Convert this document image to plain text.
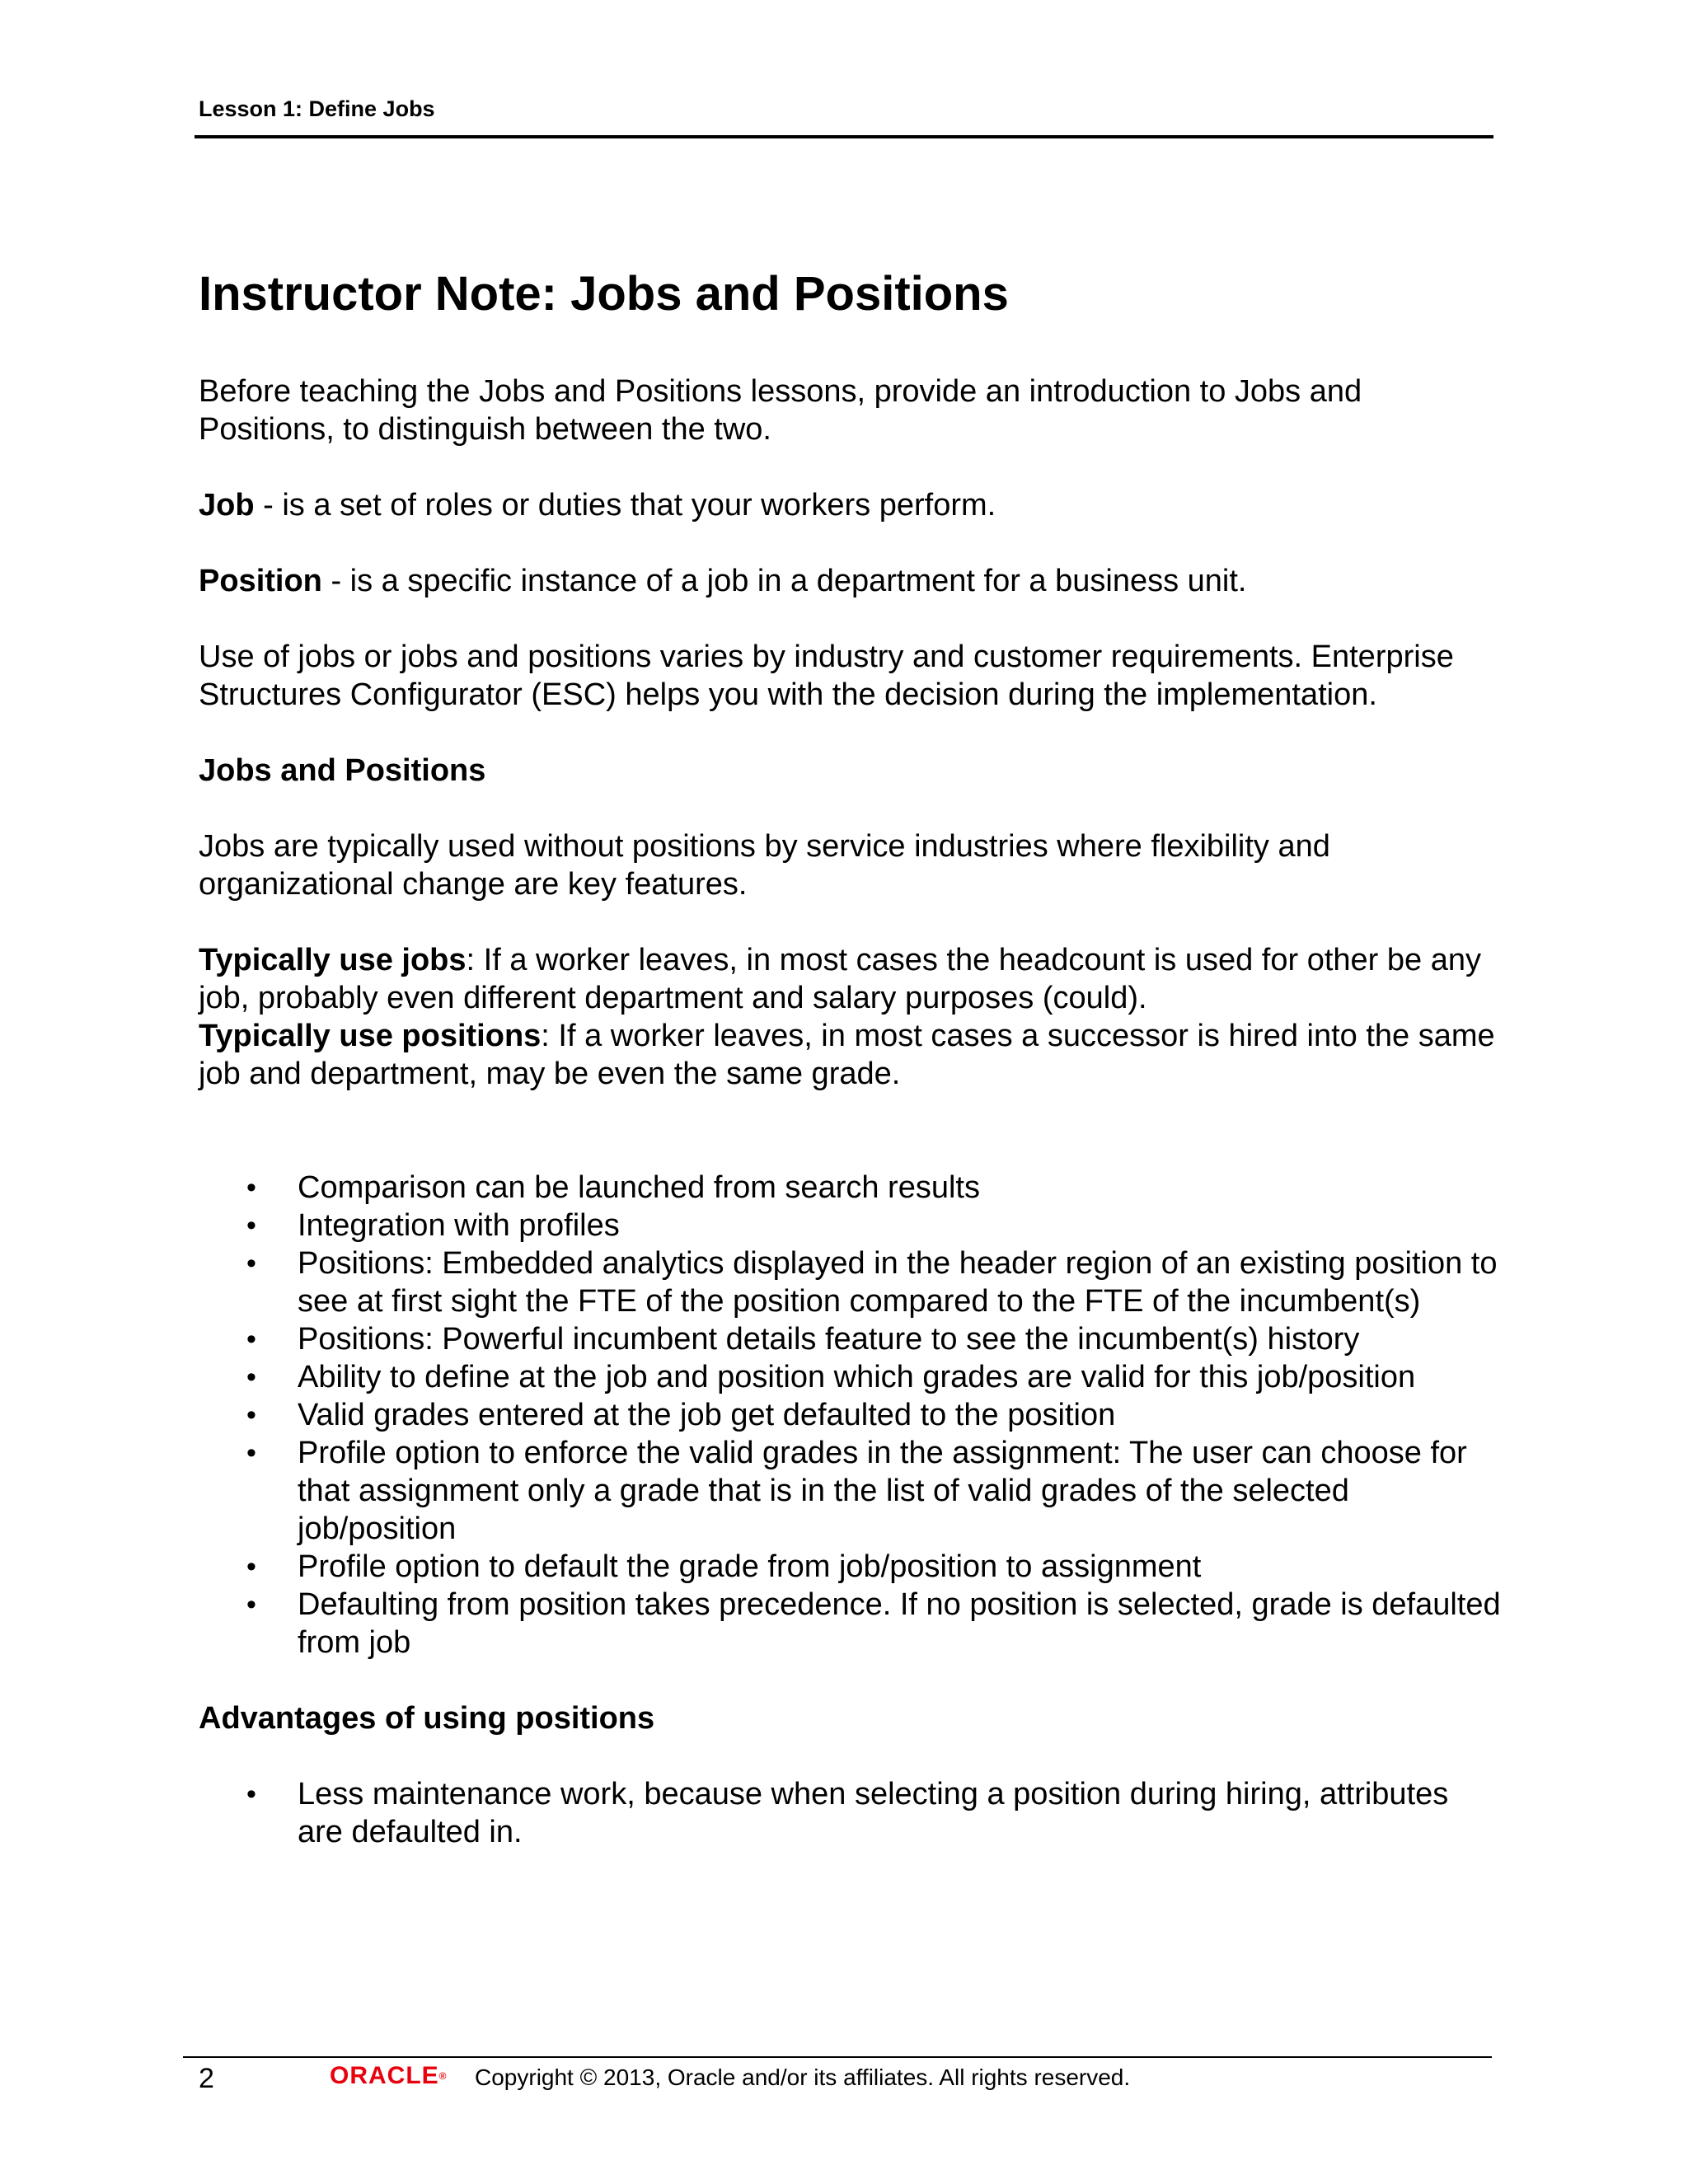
Lesson 1: Define Jobs
Instructor Note: Jobs and Positions

Before teaching the Jobs and Positions lessons, provide an introduction to Jobs and Positions, to distinguish between the two.

Job - is a set of roles or duties that your workers perform.

Position - is a specific instance of a job in a department for a business unit.

Use of jobs or jobs and positions varies by industry and customer requirements. Enterprise Structures Configurator (ESC) helps you with the decision during the implementation.

Jobs and Positions

Jobs are typically used without positions by service industries where flexibility and organizational change are key features.

Typically use jobs: If a worker leaves, in most cases the headcount is used for other be any job, probably even different department and salary purposes (could).

Typically use positions: If a worker leaves, in most cases a successor is hired into the same job and department, may be even the same grade.

• Comparison can be launched from search results
• Integration with profiles
• Positions: Embedded analytics displayed in the header region of an existing position to see at first sight the FTE of the position compared to the FTE of the incumbent(s)
• Positions: Powerful incumbent details feature to see the incumbent(s) history
• Ability to define at the job and position which grades are valid for this job/position
• Valid grades entered at the job get defaulted to the position
• Profile option to enforce the valid grades in the assignment: The user can choose for that assignment only a grade that is in the list of valid grades of the selected job/position
• Profile option to default the grade from job/position to assignment
• Defaulting from position takes precedence. If no position is selected, grade is defaulted from job
Advantages of using positions
• Less maintenance work, because when selecting a position during hiring, attributes are defaulted in.
2	ORACLE® Copyright © 2013, Oracle and/or its affiliates. All rights reserved.
